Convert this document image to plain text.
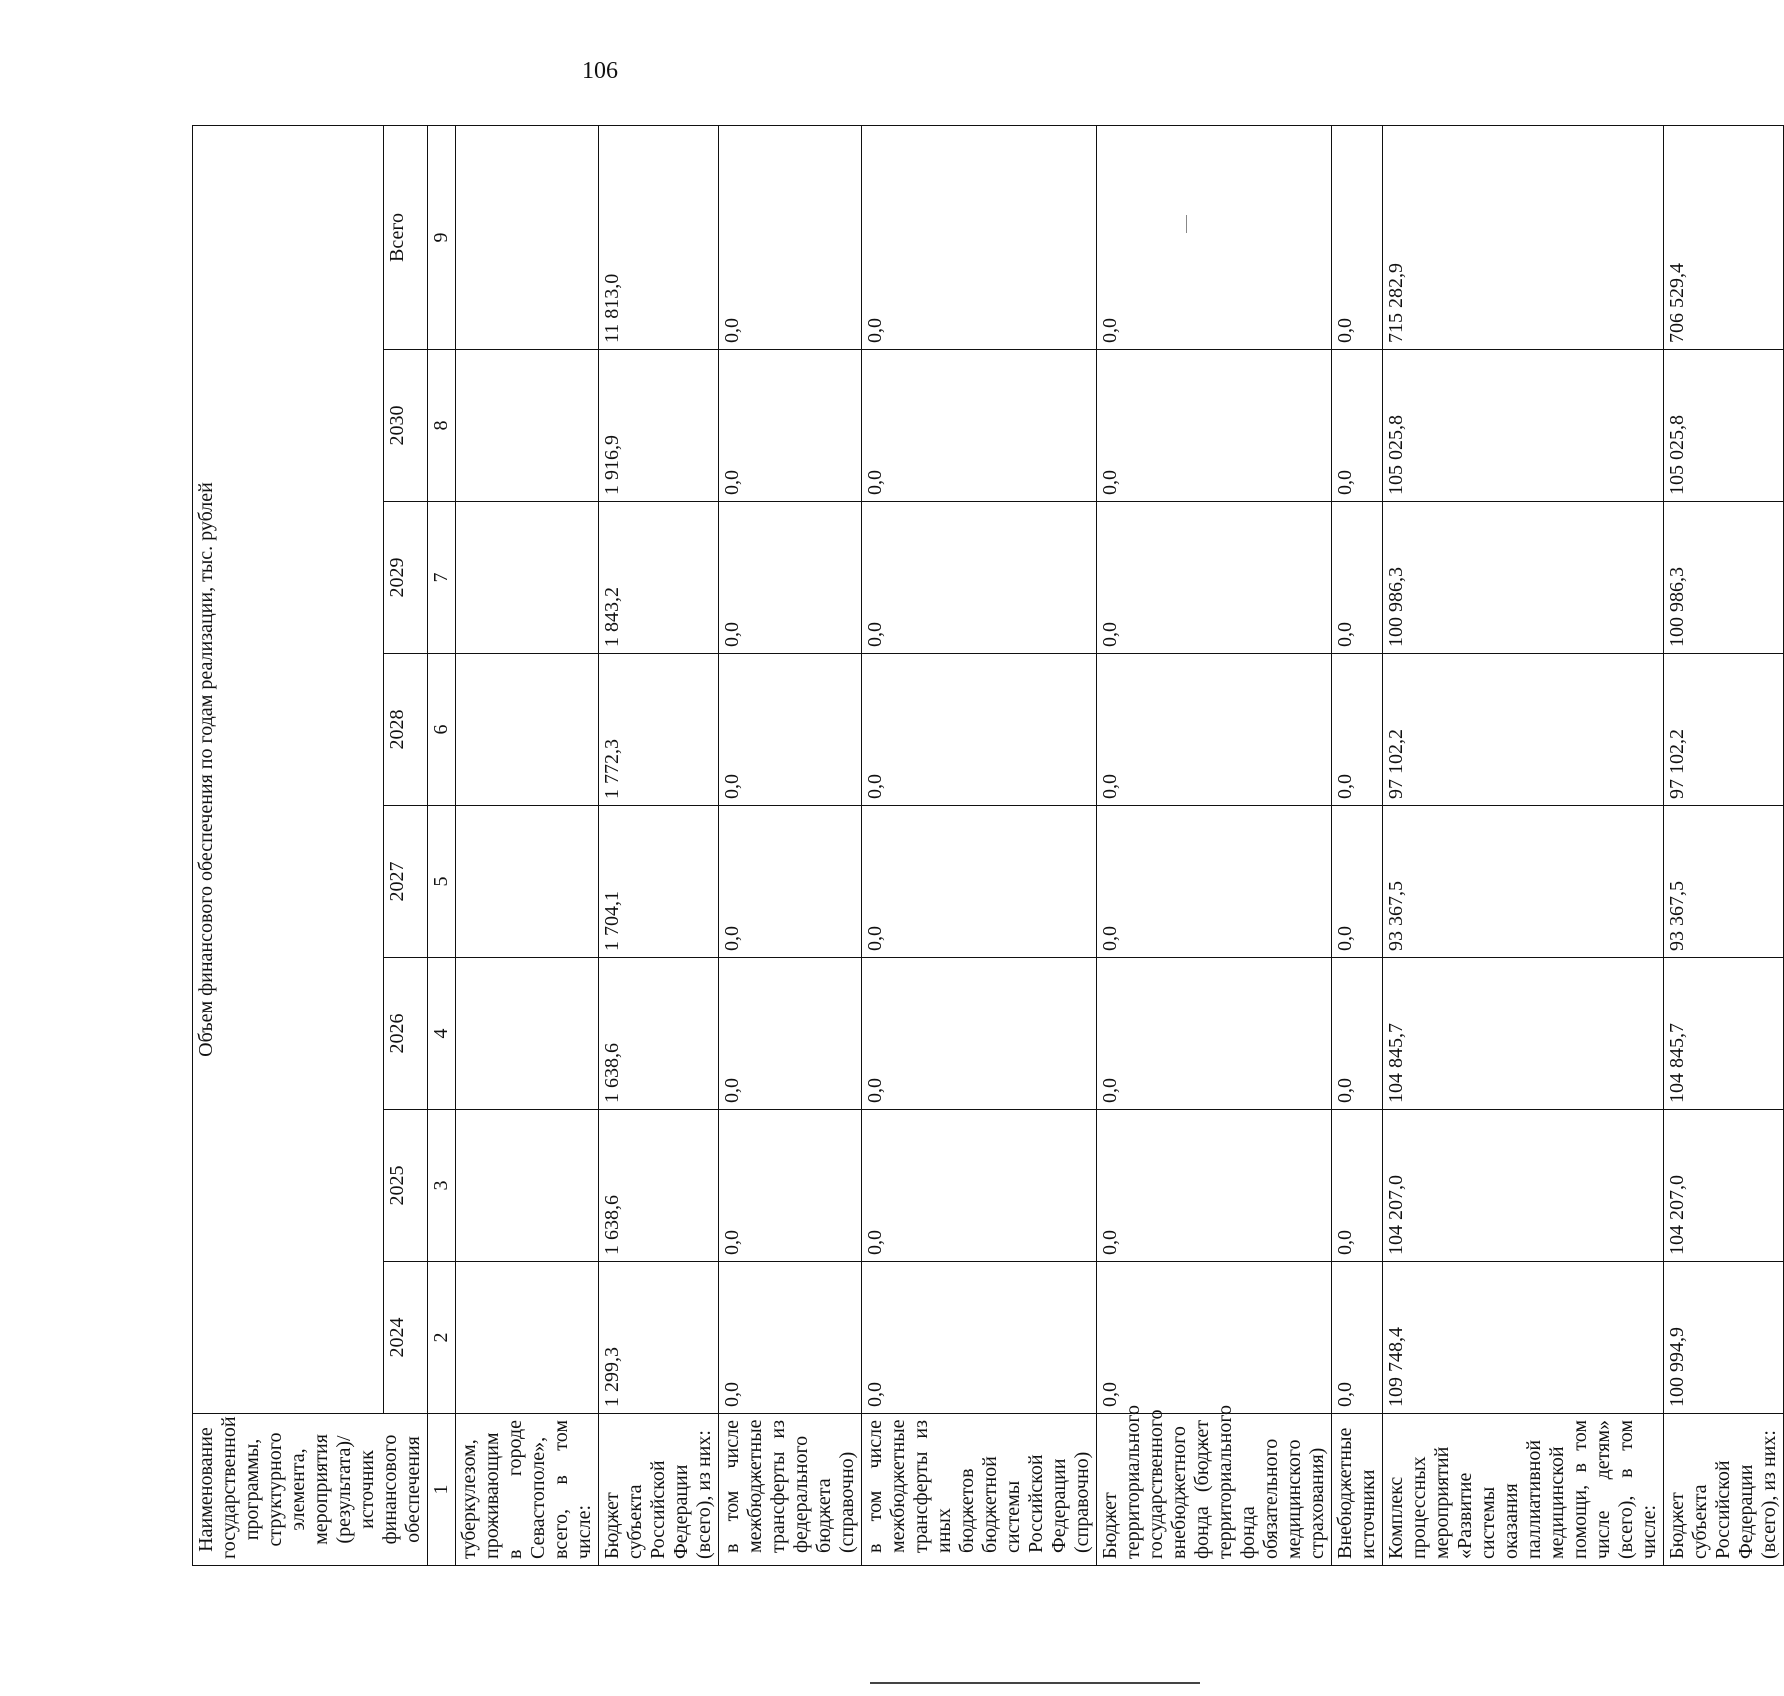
106
Наименование государственной программы, структурного элемента, мероприятия (результата)/источник финансового обеспечения	Объем финансового обеспечения по годам реализации, тыс. рублей							
	2024	2025	2026	2027	2028	2029	2030	Всего
1	2	3	4	5	6	7	8	9
туберкулезом, проживающим в городе Севастополе», всего, в том числе:								
Бюджет субъекта Российской Федерации (всего), из них:	1 299,3	1 638,6	1 638,6	1 704,1	1 772,3	1 843,2	1 916,9	11 813,0
в том числе межбюджетные трансферты из федерального бюджета (справочно)	0,0	0,0	0,0	0,0	0,0	0,0	0,0	0,0
в том числе межбюджетные трансферты из иных бюджетов бюджетной системы Российской Федерации (справочно)	0,0	0,0	0,0	0,0	0,0	0,0	0,0	0,0
Бюджет территориального государственного внебюджетного фонда (бюджет территориального фонда обязательного медицинского страхования)	0,0	0,0	0,0	0,0	0,0	0,0	0,0	0,0
Внебюджетные источники	0,0	0,0	0,0	0,0	0,0	0,0	0,0	0,0
Комплекс процессных мероприятий «Развитие системы оказания паллиативной медицинской помощи, в том числе детям» (всего), в том числе:	109 748,4	104 207,0	104 845,7	93 367,5	97 102,2	100 986,3	105 025,8	715 282,9
Бюджет субъекта Российской Федерации (всего), из них:	100 994,9	104 207,0	104 845,7	93 367,5	97 102,2	100 986,3	105 025,8	706 529,4
